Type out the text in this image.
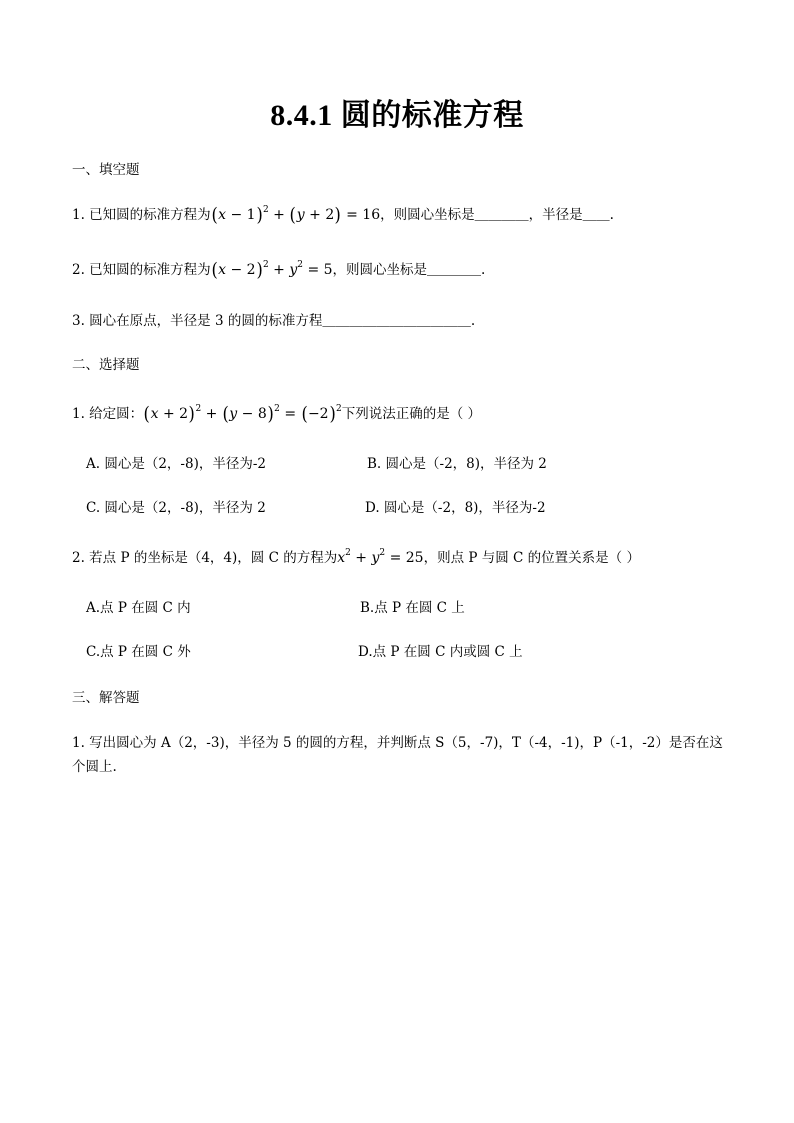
8.4.1 圆的标准方程
一、填空题
1. 已知圆的标准方程为$(x - 1)^2 + (y + 2) = 16$，则圆心坐标是＿＿＿＿，半径是＿＿.
2. 已知圆的标准方程为$(x - 2)^2 + y^2 = 5$，则圆心坐标是＿＿＿＿.
3. 圆心在原点，半径是 3 的圆的标准方程＿＿＿＿＿＿＿＿＿＿＿.
二、选择题
1. 给定圆：$(x + 2)^2 + (y - 8)^2 = (-2)^2$下列说法正确的是（ ）
A. 圆心是（2，-8)，半径为-2	B. 圆心是（-2，8)，半径为 2
C. 圆心是（2，-8)，半径为 2	D. 圆心是（-2，8)，半径为-2
2. 若点 P 的坐标是（4，4)，圆 C 的方程为$x^2 + y^2 = 25$，则点 P 与圆 C 的位置关系是（ ）
A.点 P 在圆 C 内	B.点 P 在圆 C 上
C.点 P 在圆 C 外	D.点 P 在圆 C 内或圆 C 上
三、解答题
1. 写出圆心为 A（2，-3)，半径为 5 的圆的方程，并判断点 S（5，-7)，T（-4，-1)，P（-1，-2）是否在这个圆上.
